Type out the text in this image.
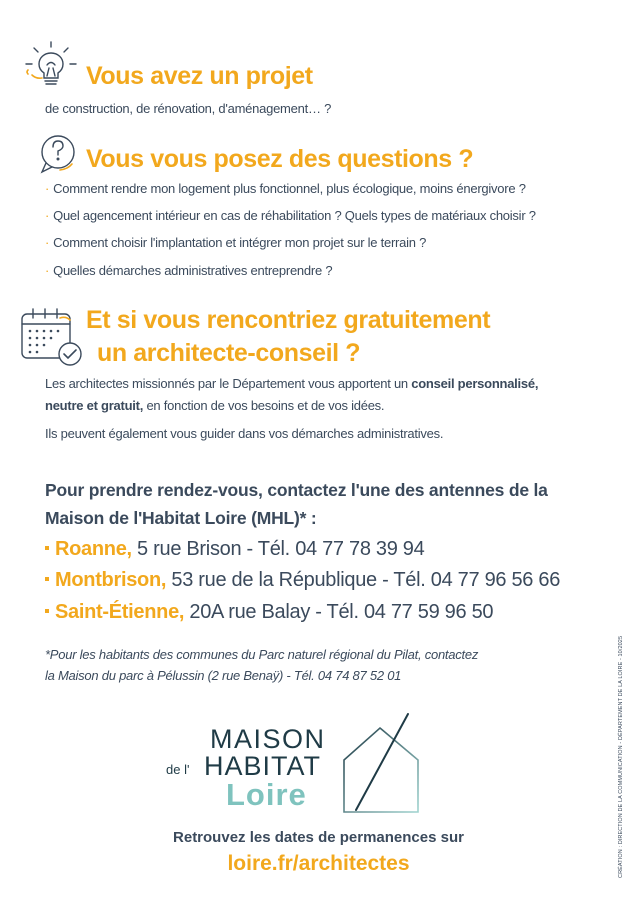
Vous avez un projet
de construction, de rénovation, d'aménagement… ?
Vous vous posez des questions ?
· Comment rendre mon logement plus fonctionnel, plus écologique, moins énergivore ?
· Quel agencement intérieur en cas de réhabilitation ? Quels types de matériaux choisir ?
· Comment choisir l'implantation et intégrer mon projet sur le terrain ?
· Quelles démarches administratives entreprendre ?
Et si vous rencontriez gratuitement
un architecte-conseil ?
Les architectes missionnés par le Département vous apportent un conseil personnalisé,
neutre et gratuit, en fonction de vos besoins et de vos idées.
Ils peuvent également vous guider dans vos démarches administratives.
Pour prendre rendez-vous, contactez l'une des antennes de la
Maison de l'Habitat Loire (MHL)* :
Roanne, 5 rue Brison - Tél. 04 77 78 39 94
Montbrison, 53 rue de la République - Tél. 04 77 96 56 66
Saint-Étienne, 20A rue Balay - Tél. 04 77 59 96 50
*Pour les habitants des communes du Parc naturel régional du Pilat, contactez
la Maison du parc à Pélussin (2 rue Benaÿ) - Tél. 04 74 87 52 01
MAISON
de l' HABITAT
Loire
Retrouvez les dates de permanences sur
loire.fr/architectes	CRÉATION : DIRECTION DE LA COMMUNICATION - DÉPARTEMENT DE LA LOIRE - 10/2025
